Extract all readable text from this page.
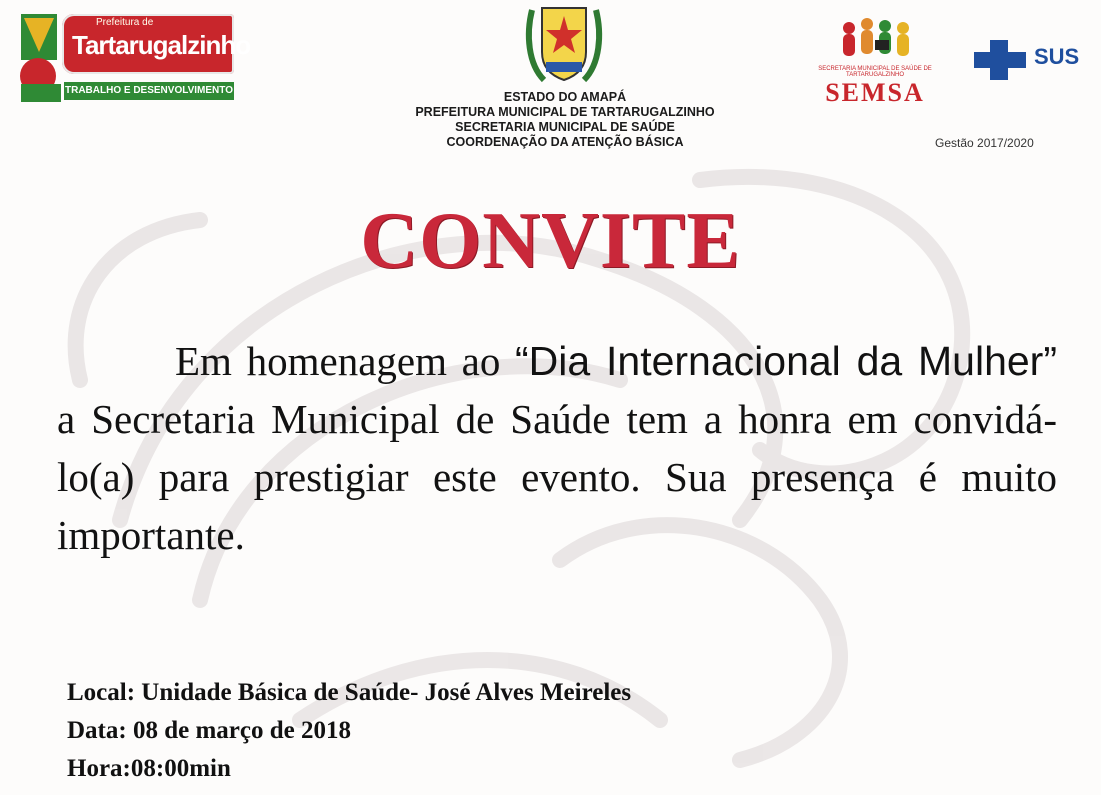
Prefeitura de
Tartarugalzinho
TRABALHO E DESENVOLVIMENTO
SECRETARIA MUNICIPAL DE SAÚDE DE TARTARUGALZINHO
SEMSA
SUS
ESTADO DO AMAPÁ
PREFEITURA MUNICIPAL DE TARTARUGALZINHO
SECRETARIA MUNICIPAL DE SAÚDE
COORDENAÇÃO DA ATENÇÃO BÁSICA	Gestão 2017/2020
CONVITE
Em homenagem ao “Dia Internacional da Mulher” a Secretaria Municipal de Saúde tem a honra em convidá-lo(a) para prestigiar este evento. Sua presença é muito importante.
Local: Unidade Básica de Saúde- José Alves Meireles
Data: 08 de março de 2018
Hora:08:00min
